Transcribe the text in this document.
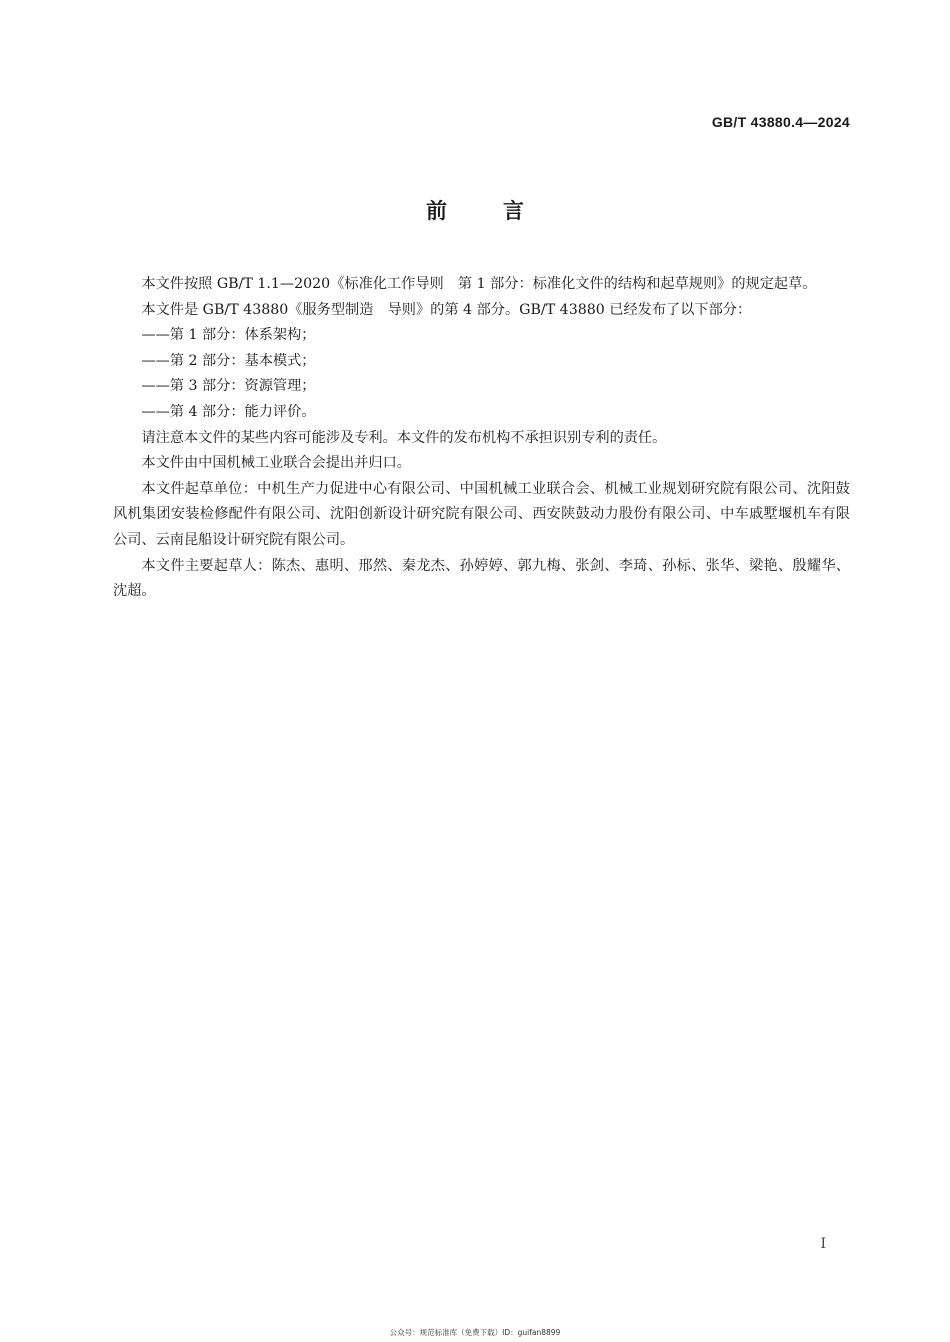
GB/T 43880.4—2024
前言

本文件按照 GB/T 1.1—2020《标准化工作导则　第 1 部分：标准化文件的结构和起草规则》的规定起草。

本文件是 GB/T 43880《服务型制造　导则》的第 4 部分。GB/T 43880 已经发布了以下部分：

——第 1 部分：体系架构；

——第 2 部分：基本模式；

——第 3 部分：资源管理；

——第 4 部分：能力评价。

请注意本文件的某些内容可能涉及专利。本文件的发布机构不承担识别专利的责任。

本文件由中国机械工业联合会提出并归口。

本文件起草单位：中机生产力促进中心有限公司、中国机械工业联合会、机械工业规划研究院有限公司、沈阳鼓风机集团安装检修配件有限公司、沈阳创新设计研究院有限公司、西安陕鼓动力股份有限公司、中车戚墅堰机车有限公司、云南昆船设计研究院有限公司。

本文件主要起草人：陈杰、惠明、邢然、秦龙杰、孙婷婷、郭九梅、张剑、李琦、孙标、张华、梁艳、殷耀华、沈超。

I
公众号：规范标准库（免费下载）ID：guifan8899
